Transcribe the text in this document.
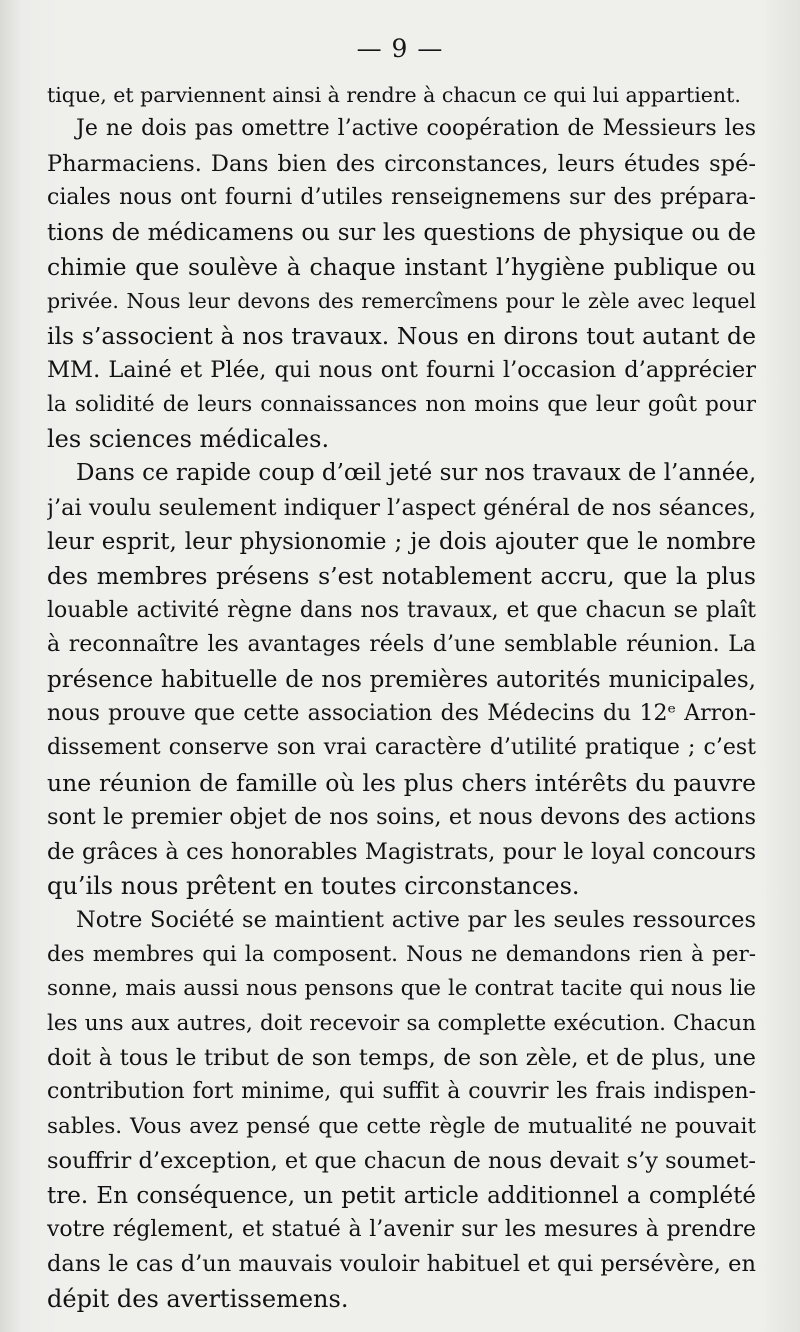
— 9 —
tique, et parviennent ainsi à rendre à chacun ce qui lui appartient.
Je ne dois pas omettre l’active coopération de Messieurs les
Pharmaciens. Dans bien des circonstances, leurs études spé-
ciales nous ont fourni d’utiles renseignemens sur des prépara-
tions de médicamens ou sur les questions de physique ou de
chimie que soulève à chaque instant l’hygiène publique ou
privée. Nous leur devons des remercîmens pour le zèle avec lequel
ils s’associent à nos travaux. Nous en dirons tout autant de
MM. Lainé et Plée, qui nous ont fourni l’occasion d’apprécier
la solidité de leurs connaissances non moins que leur goût pour
les sciences médicales.
Dans ce rapide coup d’œil jeté sur nos travaux de l’année,
j’ai voulu seulement indiquer l’aspect général de nos séances,
leur esprit, leur physionomie ; je dois ajouter que le nombre
des membres présens s’est notablement accru, que la plus
louable activité règne dans nos travaux, et que chacun se plaît
à reconnaître les avantages réels d’une semblable réunion. La
présence habituelle de nos premières autorités municipales,
nous prouve que cette association des Médecins du 12ᵉ Arron-
dissement conserve son vrai caractère d’utilité pratique ; c’est
une réunion de famille où les plus chers intérêts du pauvre
sont le premier objet de nos soins, et nous devons des actions
de grâces à ces honorables Magistrats, pour le loyal concours
qu’ils nous prêtent en toutes circonstances.
Notre Société se maintient active par les seules ressources
des membres qui la composent. Nous ne demandons rien à per-
sonne, mais aussi nous pensons que le contrat tacite qui nous lie
les uns aux autres, doit recevoir sa complette exécution. Chacun
doit à tous le tribut de son temps, de son zèle, et de plus, une
contribution fort minime, qui suffit à couvrir les frais indispen-
sables. Vous avez pensé que cette règle de mutualité ne pouvait
souffrir d’exception, et que chacun de nous devait s’y soumet-
tre. En conséquence, un petit article additionnel a complété
votre réglement, et statué à l’avenir sur les mesures à prendre
dans le cas d’un mauvais vouloir habituel et qui persévère, en
dépit des avertissemens.
